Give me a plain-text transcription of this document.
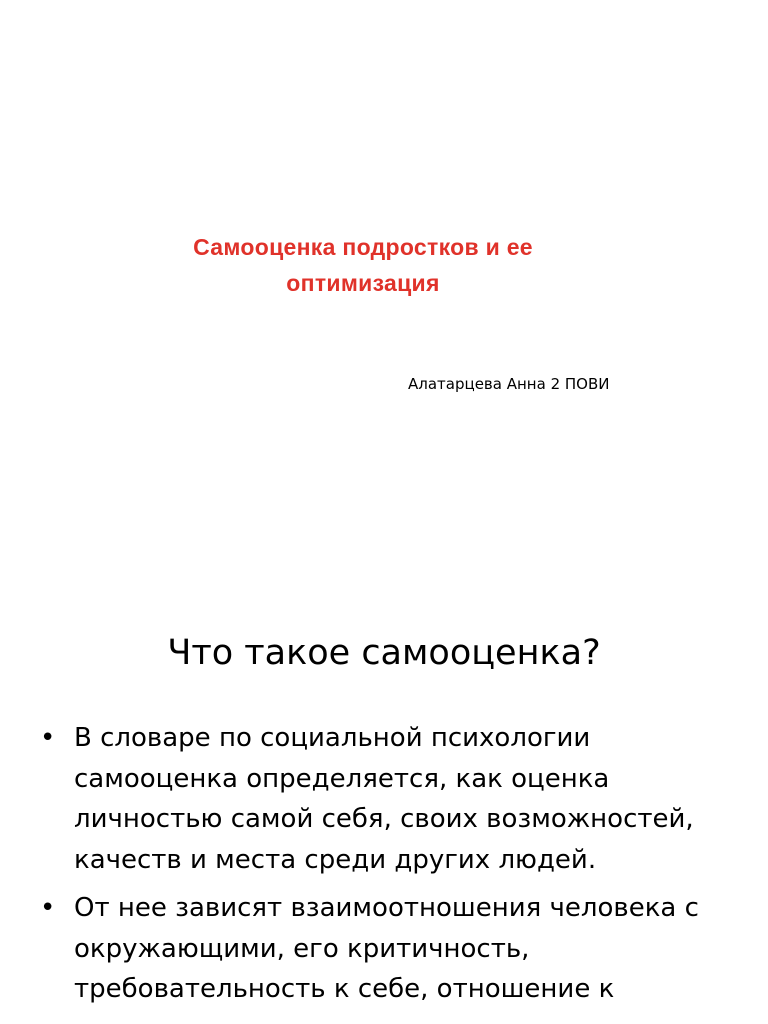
Самооценка подростков и ее
оптимизация
Алатарцева Анна 2 ПОВИ
Что такое самооценка?
• В словаре по социальной психологии самооценка определяется, как оценка личностью самой себя, своих возможностей, качеств и места среди других людей.
• От нее зависят взаимоотношения человека с окружающими, его критичность, требовательность к себе, отношение к
